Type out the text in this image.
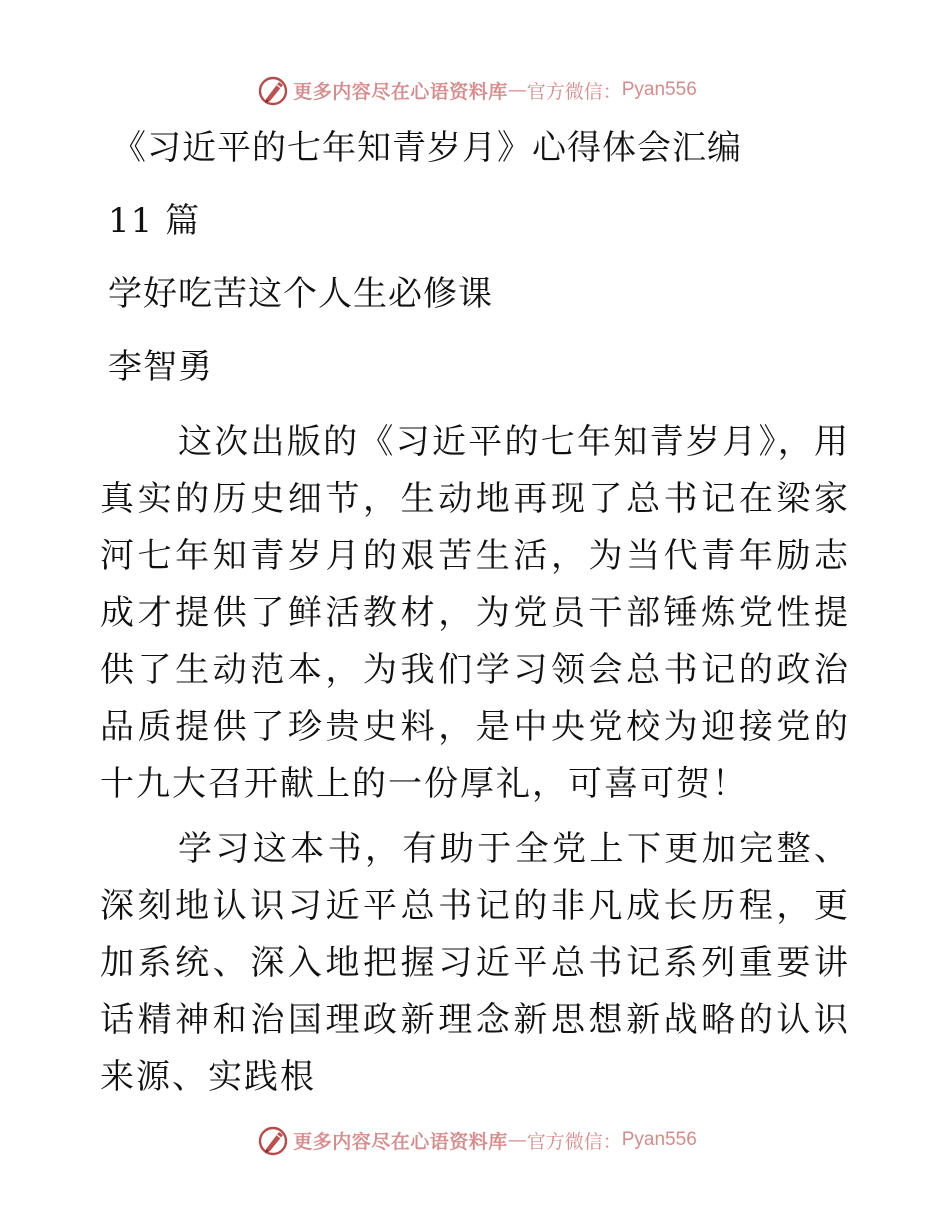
更多内容尽在心语资料库 — 官方微信： Pyan556

《习近平的七年知青岁月》心得体会汇编

11 篇

学好吃苦这个人生必修课

李智勇

这次出版的《习近平的七年知青岁月》，用真实的历史细节，生动地再现了总书记在梁家河七年知青岁月的艰苦生活，为当代青年励志成才提供了鲜活教材，为党员干部锤炼党性提供了生动范本，为我们学习领会总书记的政治品质提供了珍贵史料，是中央党校为迎接党的十九大召开献上的一份厚礼，可喜可贺！

学习这本书，有助于全党上下更加完整、深刻地认识习近平总书记的非凡成长历程，更加系统、深入地把握习近平总书记系列重要讲话精神和治国理政新理念新思想新战略的认识来源、实践根

更多内容尽在心语资料库 — 官方微信： Pyan556
